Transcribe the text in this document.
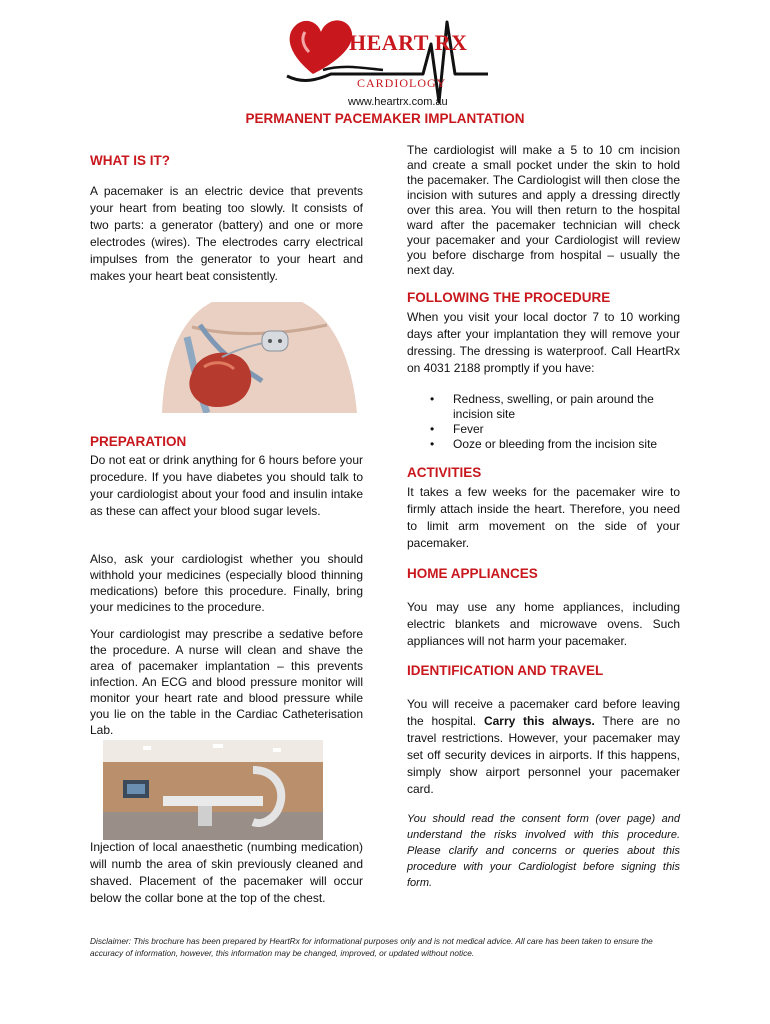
HEART RX
CARDIOLOGY
www.heartrx.com.au
PERMANENT PACEMAKER IMPLANTATION
WHAT IS IT?
A pacemaker is an electric device that prevents your heart from beating too slowly. It consists of two parts: a generator (battery) and one or more electrodes (wires). The electrodes carry electrical impulses from the generator to your heart and makes your heart beat consistently.
PREPARATION
Do not eat or drink anything for 6 hours before your procedure. If you have diabetes you should talk to your cardiologist about your food and insulin intake as these can affect your blood sugar levels.
Also, ask your cardiologist whether you should withhold your medicines (especially blood thinning medications) before this procedure. Finally, bring your medicines to the procedure.
Your cardiologist may prescribe a sedative before the procedure. A nurse will clean and shave the area of pacemaker implantation – this prevents infection. An ECG and blood pressure monitor will monitor your heart rate and blood pressure while you lie on the table in the Cardiac Catheterisation Lab.
Injection of local anaesthetic (numbing medication) will numb the area of skin previously cleaned and shaved. Placement of the pacemaker will occur below the collar bone at the top of the chest.
The cardiologist will make a 5 to 10 cm incision and create a small pocket under the skin to hold the pacemaker. The Cardiologist will then close the incision with sutures and apply a dressing directly over this area. You will then return to the hospital ward after the pacemaker technician will check your pacemaker and your Cardiologist will review you before discharge from hospital – usually the next day.
FOLLOWING THE PROCEDURE
When you visit your local doctor 7 to 10 working days after your implantation they will remove your dressing. The dressing is waterproof. Call HeartRx on 4031 2188 promptly if you have:
• Redness, swelling, or pain around the incision site
• Fever
• Ooze or bleeding from the incision site
ACTIVITIES
It takes a few weeks for the pacemaker wire to firmly attach inside the heart. Therefore, you need to limit arm movement on the side of your pacemaker.
HOME APPLIANCES
You may use any home appliances, including electric blankets and microwave ovens. Such appliances will not harm your pacemaker.
IDENTIFICATION AND TRAVEL
You will receive a pacemaker card before leaving the hospital. Carry this always. There are no travel restrictions. However, your pacemaker may set off security devices in airports. If this happens, simply show airport personnel your pacemaker card.
You should read the consent form (over page) and understand the risks involved with this procedure. Please clarify and concerns or queries about this procedure with your Cardiologist before signing this form.
Disclaimer: This brochure has been prepared by HeartRx for informational purposes only and is not medical advice. All care has been taken to ensure the accuracy of information, however, this information may be changed, improved, or updated without notice.
